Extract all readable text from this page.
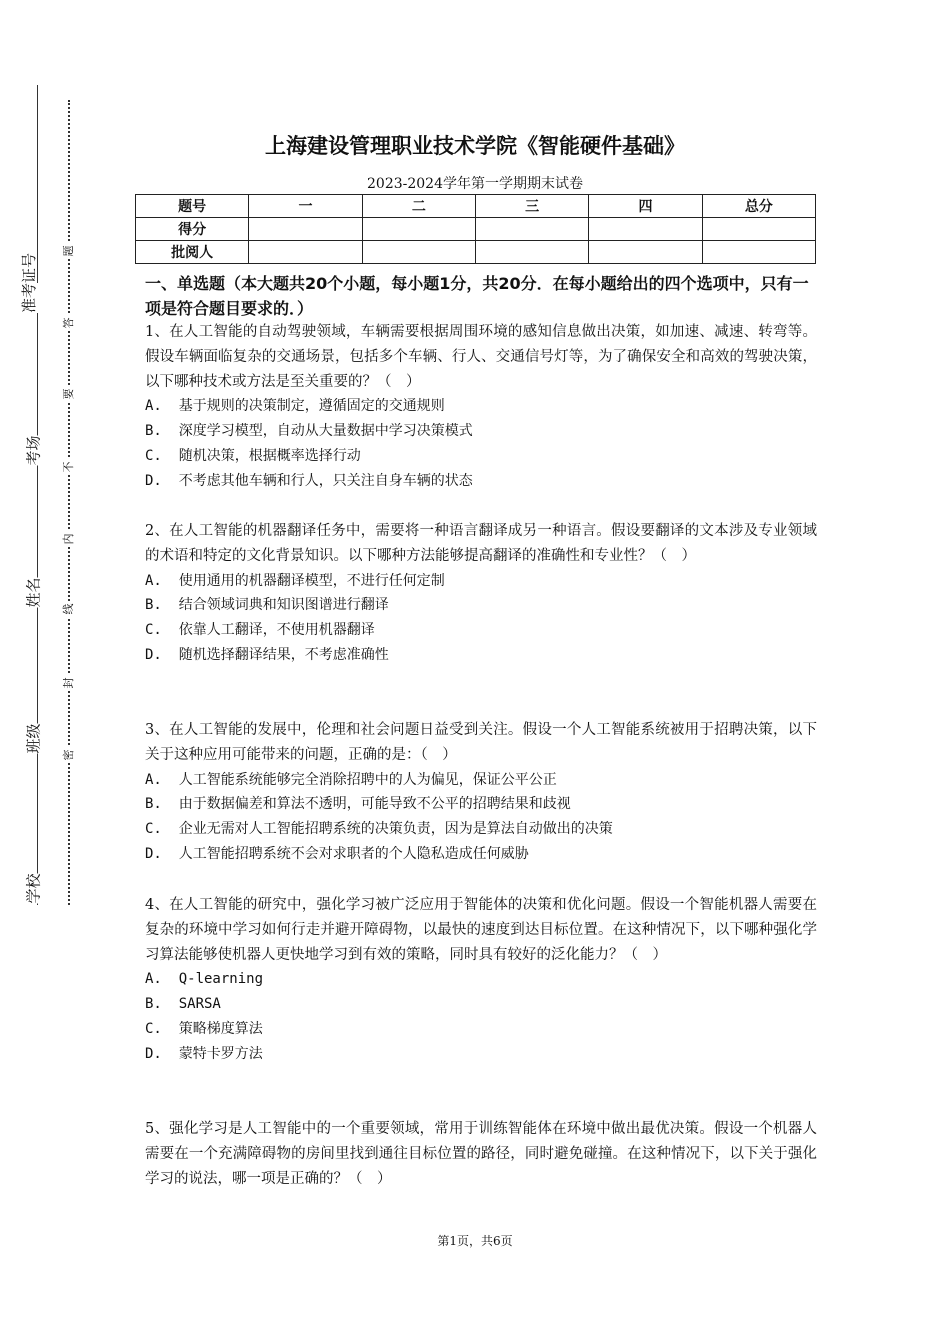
准考证号
考场
姓名
班级
学校
题
答
要
不
内
线
封
密
上海建设管理职业技术学院《智能硬件基础》
2023-2024学年第一学期期末试卷
题号	一	二	三	四	总分
得分					
批阅人					
一、单选题（本大题共20个小题，每小题1分，共20分．在每小题给出的四个选项中，只有一项是符合题目要求的．）
1、在人工智能的自动驾驶领域，车辆需要根据周围环境的感知信息做出决策，如加速、减速、转弯等。假设车辆面临复杂的交通场景，包括多个车辆、行人、交通信号灯等，为了确保安全和高效的驾驶决策，以下哪种技术或方法是至关重要的？（　）
A.  基于规则的决策制定，遵循固定的交通规则
B.  深度学习模型，自动从大量数据中学习决策模式
C.  随机决策，根据概率选择行动
D.  不考虑其他车辆和行人，只关注自身车辆的状态
2、在人工智能的机器翻译任务中，需要将一种语言翻译成另一种语言。假设要翻译的文本涉及专业领域的术语和特定的文化背景知识。以下哪种方法能够提高翻译的准确性和专业性？（　）
A.  使用通用的机器翻译模型，不进行任何定制
B.  结合领域词典和知识图谱进行翻译
C.  依靠人工翻译，不使用机器翻译
D.  随机选择翻译结果，不考虑准确性
3、在人工智能的发展中，伦理和社会问题日益受到关注。假设一个人工智能系统被用于招聘决策，以下关于这种应用可能带来的问题，正确的是：（　）
A.  人工智能系统能够完全消除招聘中的人为偏见，保证公平公正
B.  由于数据偏差和算法不透明，可能导致不公平的招聘结果和歧视
C.  企业无需对人工智能招聘系统的决策负责，因为是算法自动做出的决策
D.  人工智能招聘系统不会对求职者的个人隐私造成任何威胁
4、在人工智能的研究中，强化学习被广泛应用于智能体的决策和优化问题。假设一个智能机器人需要在复杂的环境中学习如何行走并避开障碍物，以最快的速度到达目标位置。在这种情况下，以下哪种强化学习算法能够使机器人更快地学习到有效的策略，同时具有较好的泛化能力？（　）
A.  Q-learning
B.  SARSA
C.  策略梯度算法
D.  蒙特卡罗方法
5、强化学习是人工智能中的一个重要领域，常用于训练智能体在环境中做出最优决策。假设一个机器人需要在一个充满障碍物的房间里找到通往目标位置的路径，同时避免碰撞。在这种情况下，以下关于强化学习的说法，哪一项是正确的？（　）
第1页，共6页
